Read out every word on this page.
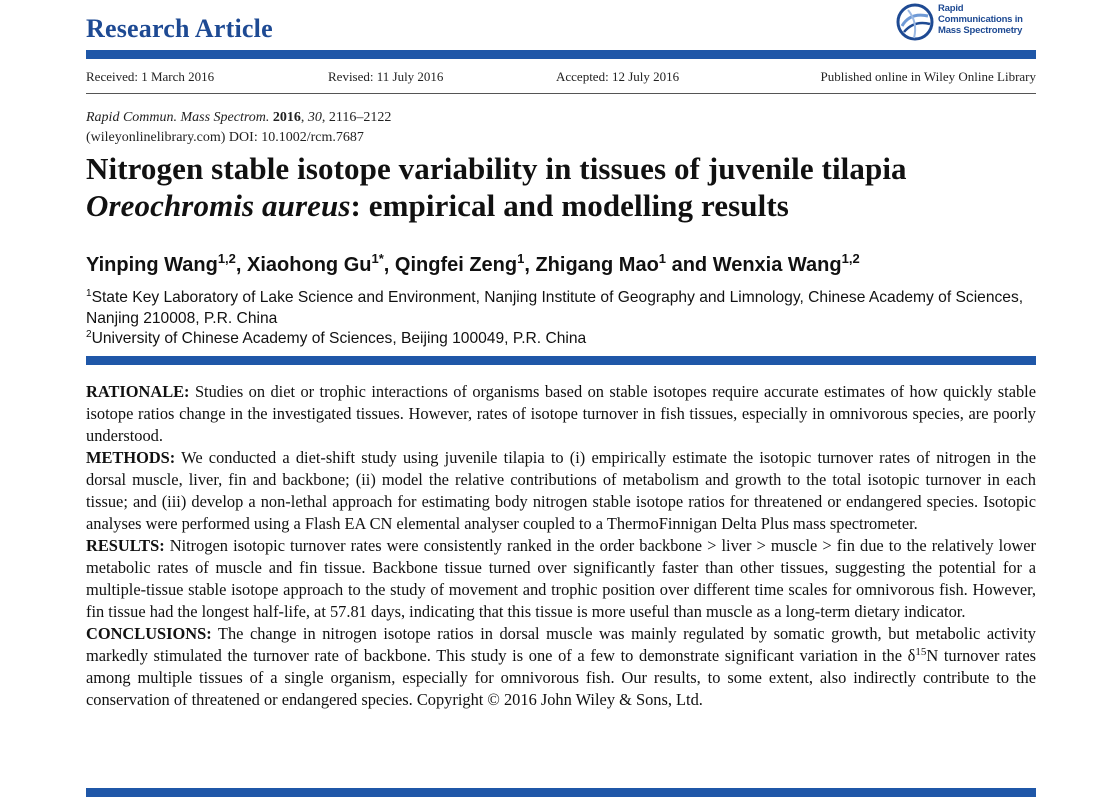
Research Article
Rapid
Communications in
Mass Spectrometry
Received: 1 March 2016	Revised: 11 July 2016	Accepted: 12 July 2016	Published online in Wiley Online Library
Rapid Commun. Mass Spectrom. 2016, 30, 2116–2122
(wileyonlinelibrary.com) DOI: 10.1002/rcm.7687
Nitrogen stable isotope variability in tissues of juvenile tilapia
Oreochromis aureus: empirical and modelling results
Yinping Wang$^{1,2}$, Xiaohong $Gu^{1*}$, Qingfei Zeng$^1$, Zhigang Mao$^1$ and Wenxia Wang$^{1,2}$
$^1$State Key Laboratory of Lake Science and Environment, Nanjing Institute of Geography and Limnology, Chinese Academy of Sciences, Nanjing 210008, P.R. China
$^2$University of Chinese Academy of Sciences, Beijing 100049, P.R. China

RATIONALE: Studies on diet or trophic interactions of organisms based on stable isotopes require accurate estimates of how quickly stable isotope ratios change in the investigated tissues. However, rates of isotope turnover in fish tissues, especially in omnivorous species, are poorly understood.

METHODS: We conducted a diet-shift study using juvenile tilapia to (i) empirically estimate the isotopic turnover rates of nitrogen in the dorsal muscle, liver, fin and backbone; (ii) model the relative contributions of metabolism and growth to the total isotopic turnover in each tissue; and (iii) develop a non-lethal approach for estimating body nitrogen stable isotope ratios for threatened or endangered species. Isotopic analyses were performed using a Flash EA CN elemental analyser coupled to a ThermoFinnigan Delta Plus mass spectrometer.

RESULTS: Nitrogen isotopic turnover rates were consistently ranked in the order backbone > liver > muscle > fin due to the relatively lower metabolic rates of muscle and fin tissue. Backbone tissue turned over significantly faster than other tissues, suggesting the potential for a multiple-tissue stable isotope approach to the study of movement and trophic position over different time scales for omnivorous fish. However, fin tissue had the longest half-life, at 57.81 days, indicating that this tissue is more useful than muscle as a long-term dietary indicator.

CONCLUSIONS: The change in nitrogen isotope ratios in dorsal muscle was mainly regulated by somatic growth, but metabolic activity markedly stimulated the turnover rate of backbone. This study is one of a few to demonstrate significant variation in the $\delta^{15}N$ turnover rates among multiple tissues of a single organism, especially for omnivorous fish. Our results, to some extent, also indirectly contribute to the conservation of threatened or endangered species. Copyright © 2016 John Wiley & Sons, Ltd.
